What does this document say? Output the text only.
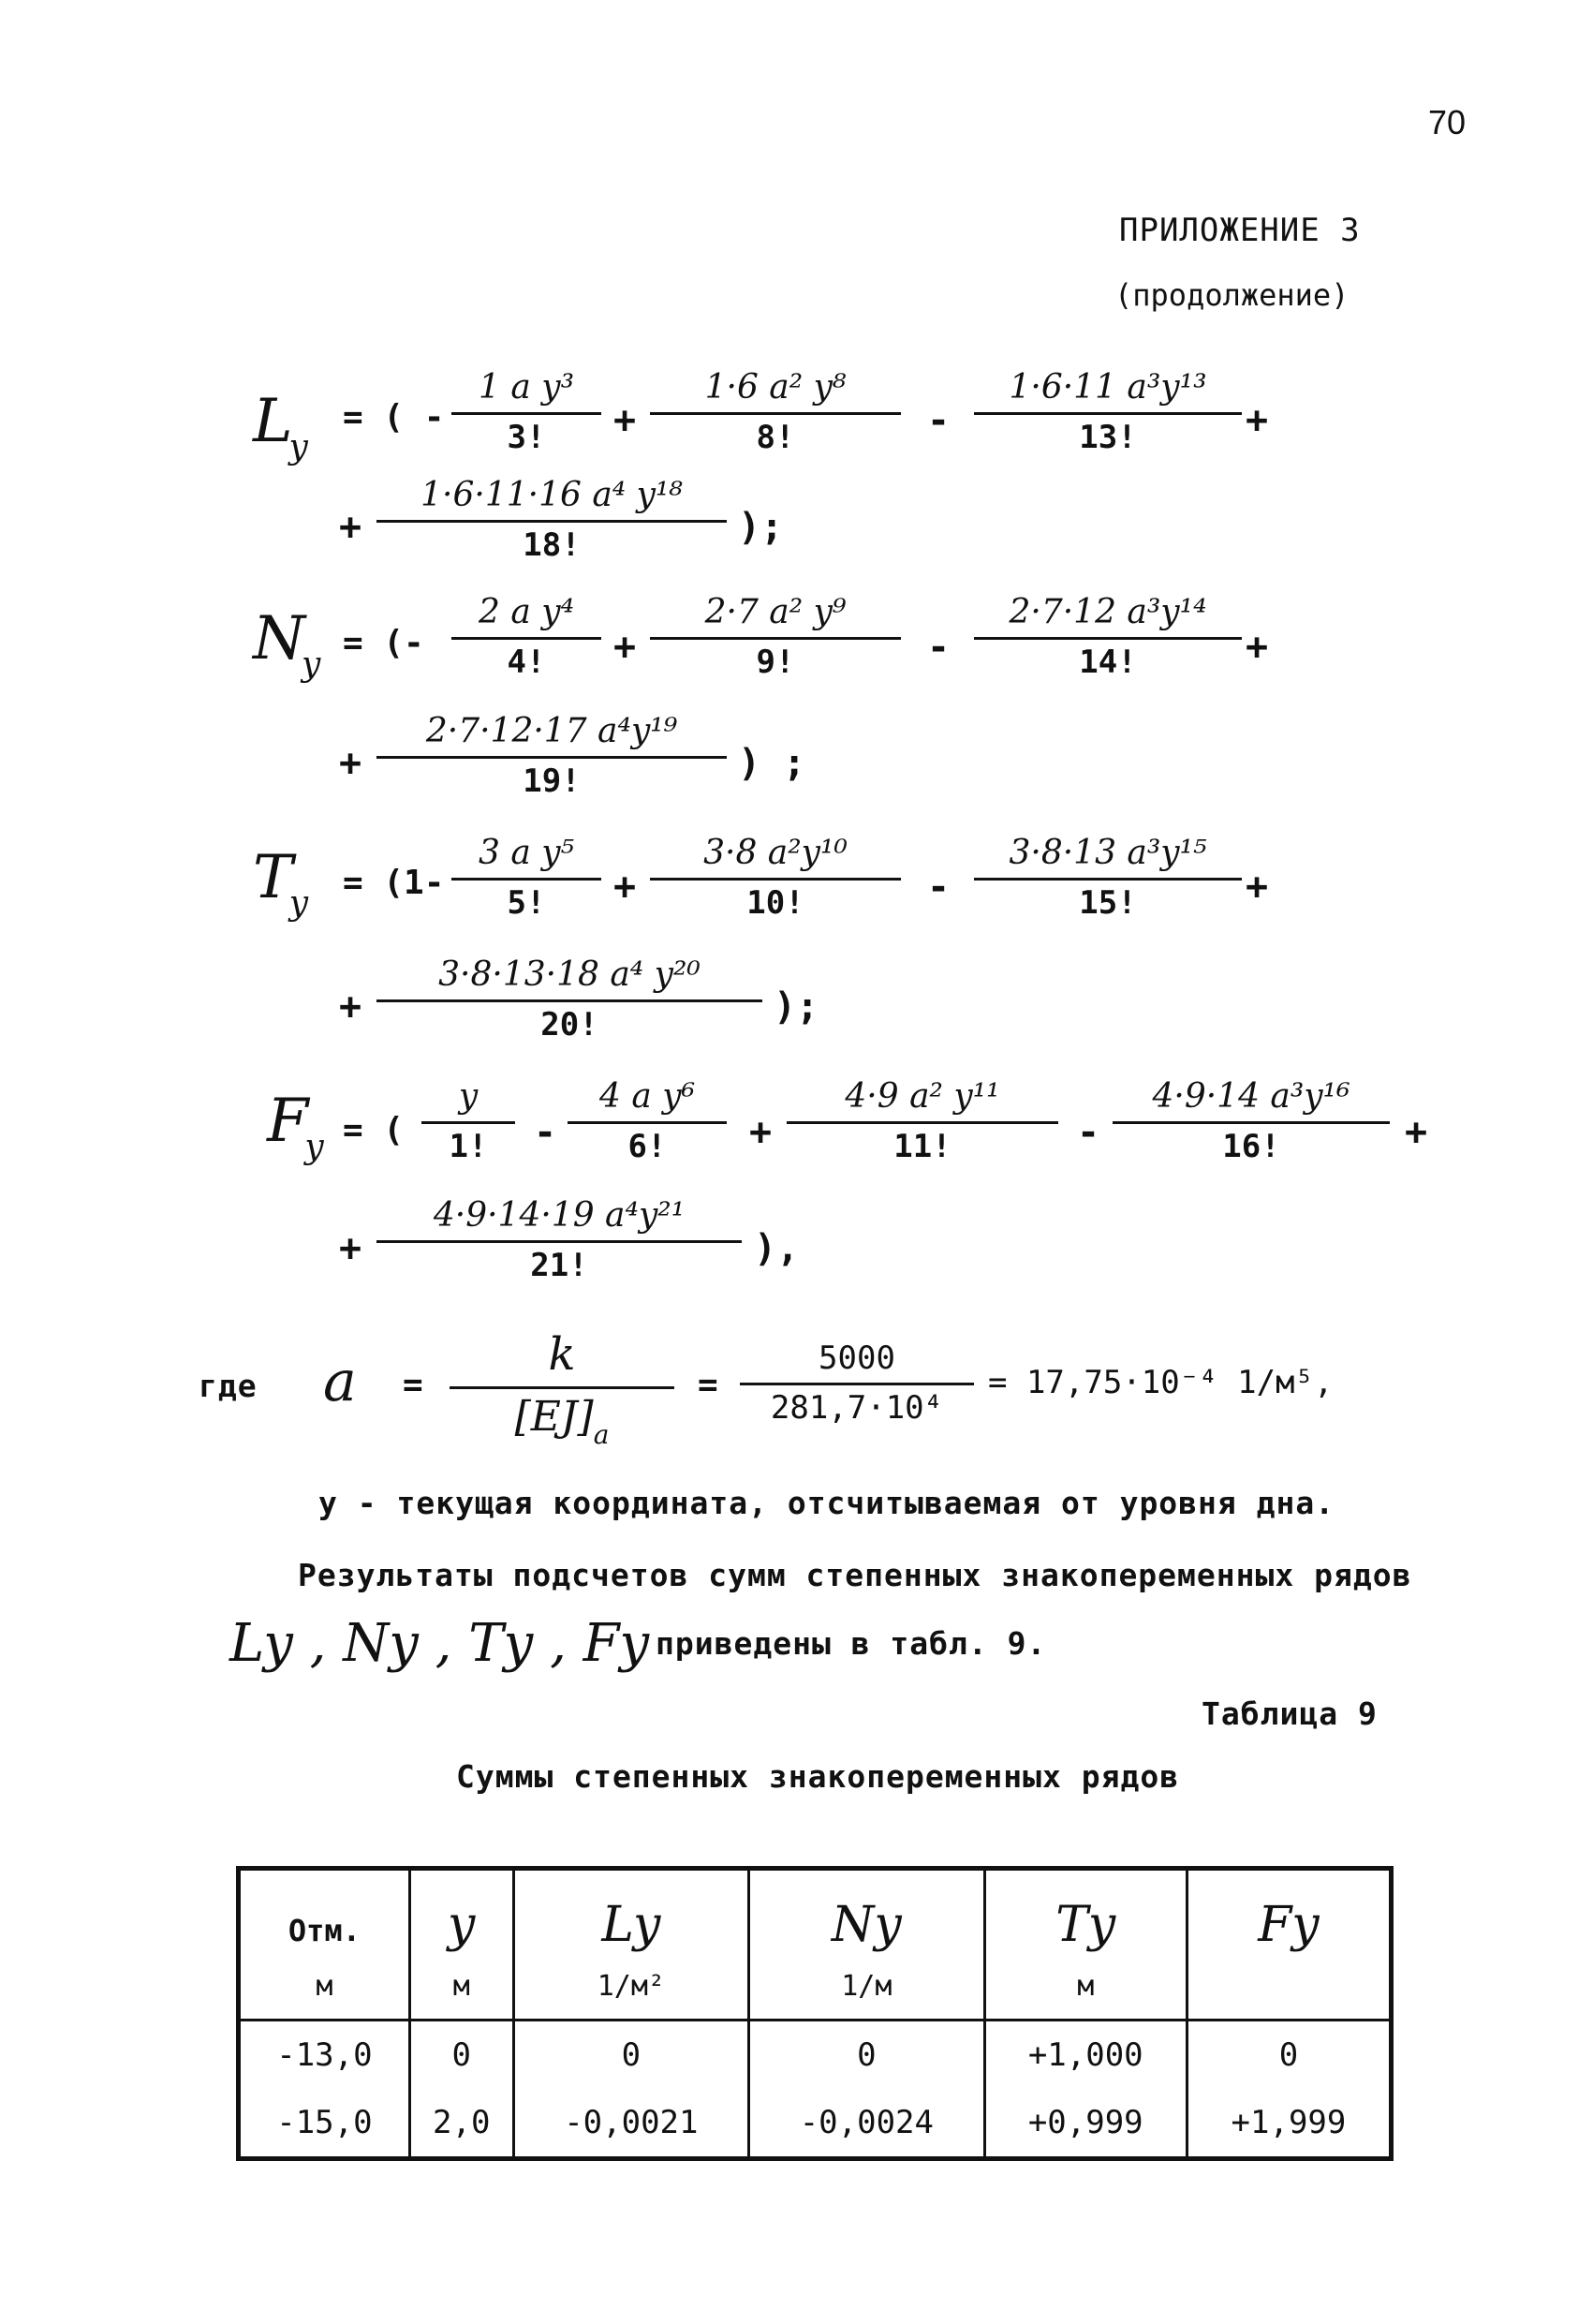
70
ПРИЛОЖЕНИЕ 3
(продолжение)
$L_y$
= ( - $\frac{\text{1 a y³}}{3!} + \frac{\text{1·6 a² y⁸}}{8!} - \frac{\text{1·6·11 a³y¹³}}{13!}$ +
+ $\frac{\text{1·6·11·16 a⁴ y¹⁸}}{18!}$ );
$N_y$
= (- $\frac{\text{2 a y⁴}}{4!} + \frac{\text{2·7 a² y⁹}}{9!} - \frac{\text{2·7·12 a³y¹⁴}}{14!}$ +
+ $\frac{\text{2·7·12·17 a⁴y¹⁹}}{19!}$ ) ;
$T_y$
= ($1- \frac{\text{3 a y⁵}}{5!} + \frac{\text{3·8 a²y¹⁰}}{10!} - \frac{\text{3·8·13 a³y¹⁵}}{15!}$ +
+ $\frac{\text{3·8·13·18 a⁴ y²⁰}}{20!}$ );
$F_y$ = ( $\frac{y}{1!} - \frac{\text{4 a y⁶}}{6!} + \frac{\text{4·9 a² y¹¹}}{11!} - \frac{\text{4·9·14 a³y¹⁶}}{16!}$ +
+ $\frac{\text{4·9·14·19 a⁴y²¹}}{21!}$ ),
где $a = \frac{k}{[EJ]_a} = \frac{5000}{\text{281,7·10⁴}} = 17,75\cdot 10^{-4}$ 1/м⁵,
y - текущая координата, отсчитываемая от уровня дна.
Результаты подсчетов сумм степенных знакопеременных рядов
Ly , Ny , Ty , Fy приведены в табл. 9.
Таблица 9
Суммы степенных знакопеременных рядов
Отм.	y	Ly	Ny	Ty	Fy
м	м	1/м²	1/м	м	
-13,0	0	0	0	+1,000	0
-15,0	2,0	-0,0021	-0,0024	+0,999	+1,999
